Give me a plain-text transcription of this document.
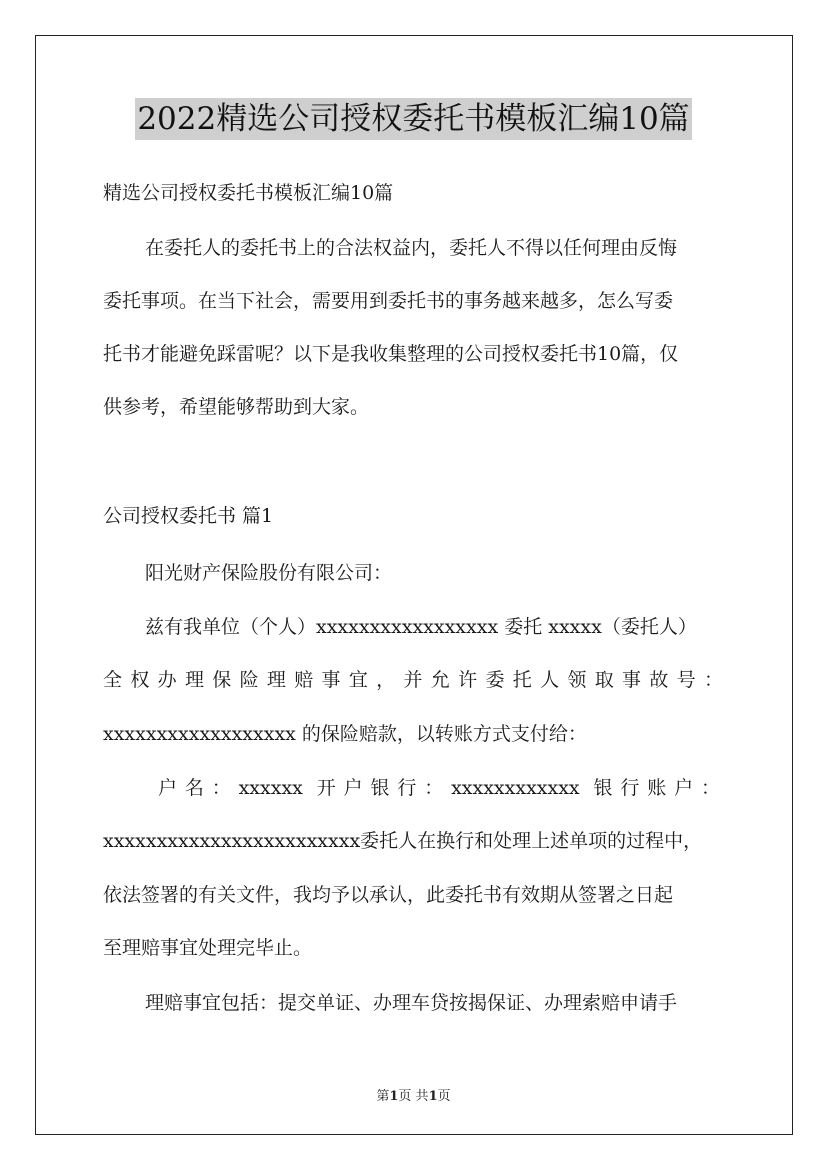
2022精选公司授权委托书模板汇编10篇
精选公司授权委托书模板汇编10篇
在委托人的委托书上的合法权益内，委托人不得以任何理由反悔
委托事项。在当下社会，需要用到委托书的事务越来越多，怎么写委
托书才能避免踩雷呢？以下是我收集整理的公司授权委托书10篇，仅
供参考，希望能够帮助到大家。
公司授权委托书 篇1
阳光财产保险股份有限公司：
兹有我单位（个人）xxxxxxxxxxxxxxxxx 委托 xxxxx（委托人）
全权办理保险理赔事宜，并允许委托人领取事故号：
xxxxxxxxxxxxxxxxxx 的保险赔款，以转账方式支付给：
户名：xxxxxx 开户银行：xxxxxxxxxxxx 银行账户：
xxxxxxxxxxxxxxxxxxxxxxxx委托人在换行和处理上述单项的过程中，
依法签署的有关文件，我均予以承认，此委托书有效期从签署之日起
至理赔事宜处理完毕止。
理赔事宜包括：提交单证、办理车贷按揭保证、办理索赔申请手
第1页 共1页
